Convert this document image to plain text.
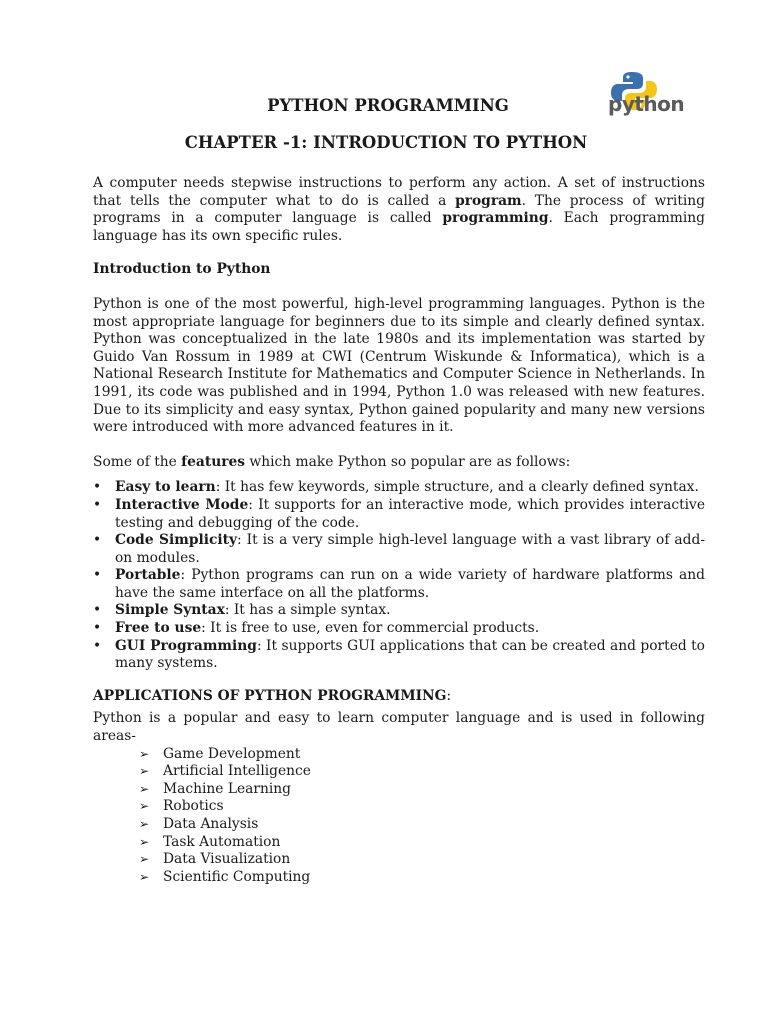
python
PYTHON PROGRAMMING
CHAPTER -1: INTRODUCTION TO PYTHON

A computer needs stepwise instructions to perform any action. A set of instructions that tells the computer what to do is called a program. The process of writing programs in a computer language is called programming. Each programming language has its own specific rules.

Introduction to Python

Python is one of the most powerful, high-level programming languages. Python is the most appropriate language for beginners due to its simple and clearly defined syntax. Python was conceptualized in the late 1980s and its implementation was started by Guido Van Rossum in 1989 at CWI (Centrum Wiskunde & Informatica), which is a National Research Institute for Mathematics and Computer Science in Netherlands. In 1991, its code was published and in 1994, Python 1.0 was released with new features. Due to its simplicity and easy syntax, Python gained popularity and many new versions were introduced with more advanced features in it.

Some of the features which make Python so popular are as follows:

• Easy to learn: It has few keywords, simple structure, and a clearly defined syntax.
• Interactive Mode: It supports for an interactive mode, which provides interactive testing and debugging of the code.
• Code Simplicity: It is a very simple high-level language with a vast library of add-on modules.
• Portable: Python programs can run on a wide variety of hardware platforms and have the same interface on all the platforms.
• Simple Syntax: It has a simple syntax.
• Free to use: It is free to use, even for commercial products.
• GUI Programming: It supports GUI applications that can be created and ported to many systems.

APPLICATIONS OF PYTHON PROGRAMMING:

Python is a popular and easy to learn computer language and is used in following areas-

➢ Game Development
➢ Artificial Intelligence
➢ Machine Learning
➢ Robotics
➢ Data Analysis
➢ Task Automation
➢ Data Visualization
➢ Scientific Computing
